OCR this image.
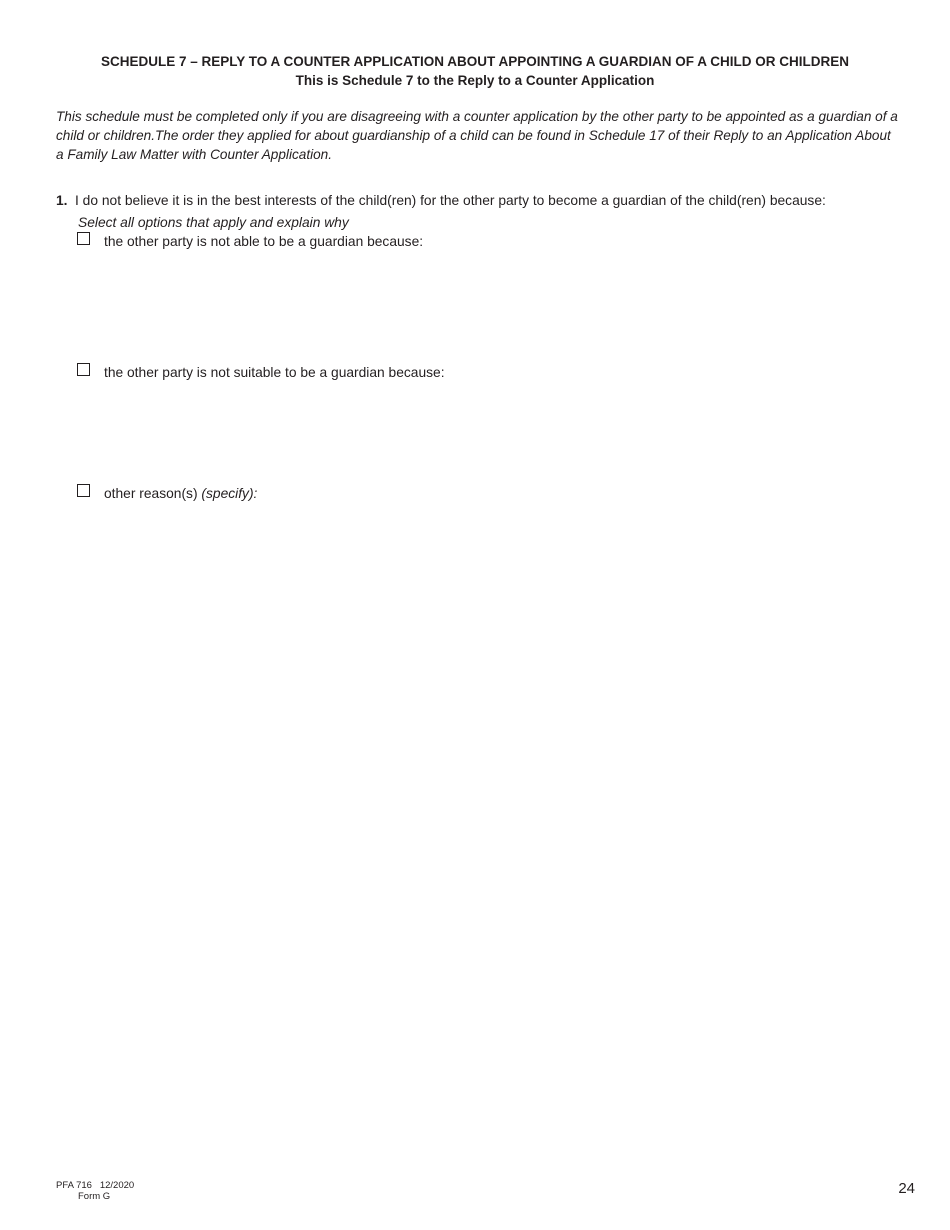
SCHEDULE 7 – REPLY TO A COUNTER APPLICATION ABOUT APPOINTING A GUARDIAN OF A CHILD OR CHILDREN
This is Schedule 7 to the Reply to a Counter Application
This schedule must be completed only if you are disagreeing with a counter application by the other party to be appointed as a guardian of a child or children.The order they applied for about guardianship of a child can be found in Schedule 17 of their Reply to an Application About a Family Law Matter with Counter Application.
1. I do not believe it is in the best interests of the child(ren) for the other party to become a guardian of the child(ren) because:
Select all options that apply and explain why
the other party is not able to be a guardian because:
the other party is not suitable to be a guardian because:
other reason(s) (specify):
PFA 716   12/2020
Form G	24
